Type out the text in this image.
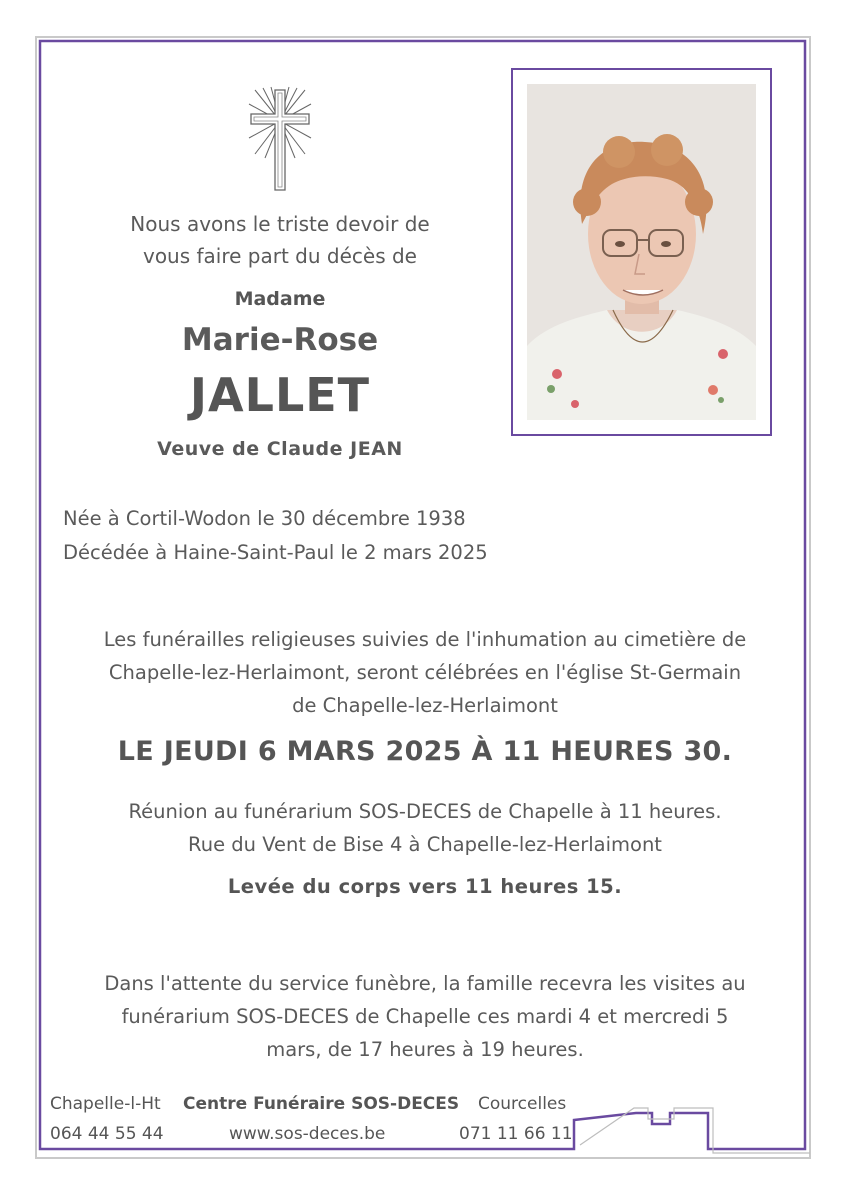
Nous avons le triste devoir de
vous faire part du décès de
Madame
Marie-Rose
JALLET
Veuve de Claude JEAN
Née à Cortil-Wodon le 30 décembre 1938
Décédée à Haine-Saint-Paul le 2 mars 2025
Les funérailles religieuses suivies de l'inhumation au cimetière de
Chapelle-lez-Herlaimont, seront célébrées en l'église St-Germain
de Chapelle-lez-Herlaimont
LE JEUDI 6 MARS 2025 À 11 HEURES 30.
Réunion au funérarium SOS-DECES de Chapelle à 11 heures.
Rue du Vent de Bise 4 à Chapelle-lez-Herlaimont
Levée du corps vers 11 heures 15.
Dans l'attente du service funèbre, la famille recevra les visites au
funérarium SOS-DECES de Chapelle ces mardi 4 et mercredi 5
mars, de 17 heures à 19 heures.
Chapelle-l-Ht
064 44 55 44
Centre Funéraire SOS-DECES
www.sos-deces.be
Courcelles
071 11 66 11
